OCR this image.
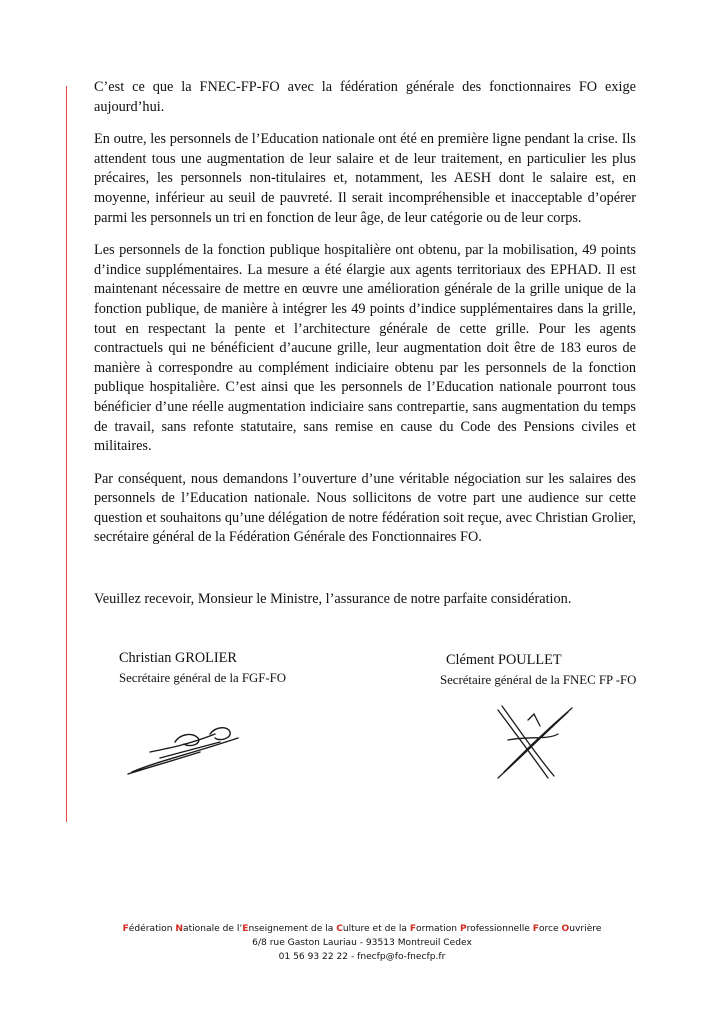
C’est ce que la FNEC-FP-FO avec la fédération générale des fonctionnaires FO exige aujourd’hui.

En outre, les personnels de l’Education nationale ont été en première ligne pendant la crise. Ils attendent tous une augmentation de leur salaire et de leur traitement, en particulier les plus précaires, les personnels non-titulaires et, notamment, les AESH dont le salaire est, en moyenne, inférieur au seuil de pauvreté. Il serait incompréhensible et inacceptable d’opérer parmi les personnels un tri en fonction de leur âge, de leur catégorie ou de leur corps.

Les personnels de la fonction publique hospitalière ont obtenu, par la mobilisation, 49 points d’indice supplémentaires. La mesure a été élargie aux agents territoriaux des EPHAD. Il est maintenant nécessaire de mettre en œuvre une amélioration générale de la grille unique de la fonction publique, de manière à intégrer les 49 points d’indice supplémentaires dans la grille, tout en respectant la pente et l’architecture générale de cette grille. Pour les agents contractuels qui ne bénéficient d’aucune grille, leur augmentation doit être de 183 euros de manière à correspondre au complément indiciaire obtenu par les personnels de la fonction publique hospitalière. C’est ainsi que les personnels de l’Education nationale pourront tous bénéficier d’une réelle augmentation indiciaire sans contrepartie, sans augmentation du temps de travail, sans refonte statutaire, sans remise en cause du Code des Pensions civiles et militaires.

Par conséquent, nous demandons l’ouverture d’une véritable négociation sur les salaires des personnels de l’Education nationale. Nous sollicitons de votre part une audience sur cette question et souhaitons qu’une délégation de notre fédération soit reçue, avec Christian Grolier, secrétaire général de la Fédération Générale des Fonctionnaires FO.

Veuillez recevoir, Monsieur le Ministre, l’assurance de notre parfaite considération.

Christian GROLIER
Secrétaire général de la FGF-FO
Clément POULLET
Secrétaire général de la FNEC FP -FO
Fédération Nationale de l’Enseignement de la Culture et de la Formation Professionnelle Force Ouvrière
6/8 rue Gaston Lauriau - 93513 Montreuil Cedex
01 56 93 22 22 - fnecfp@fo-fnecfp.fr
